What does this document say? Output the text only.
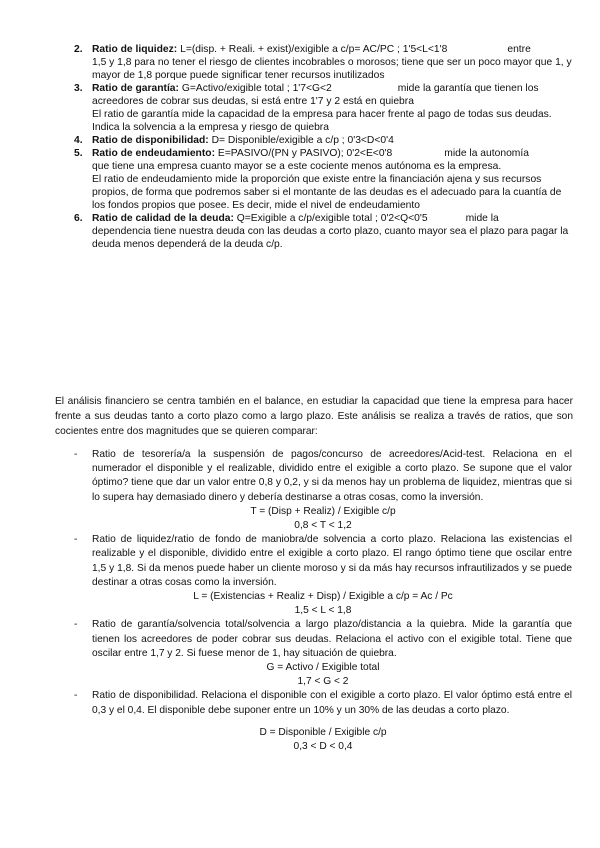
2. Ratio de liquidez: L=(disp. + Reali. + exist)/exigible a c/p= AC/PC ; 1'5<L<1'8	entre
1,5 y 1,8 para no tener el riesgo de clientes incobrables o morosos; tiene que ser un poco mayor que 1, y mayor de 1,8 porque puede significar tener recursos inutilizados
3. Ratio de garantía: G=Activo/exigible total ; 1'7<G<2	mide la garantía que tienen los
acreedores de cobrar sus deudas, si está entre 1'7 y 2 está en quiebra
El ratio de garantía mide la capacidad de la empresa para hacer frente al pago de todas sus deudas. Indica la solvencia a la empresa y riesgo de quiebra
4. Ratio de disponibilidad: D= Disponible/exigible a c/p ; 0'3<D<0'4
5. Ratio de endeudamiento: E=PASIVO/(PN y PASIVO); 0'2<E<0'8	mide la autonomía
que tiene una empresa cuanto mayor se a este cociente menos autónoma es la empresa.
El ratio de endeudamiento mide la proporción que existe entre la financiación ajena y sus recursos propios, de forma que podremos saber si el montante de las deudas es el adecuado para la cuantía de los fondos propios que posee. Es decir, mide el nivel de endeudamiento
6. Ratio de calidad de la deuda: Q=Exigible a c/p/exigible total ; 0'2<Q<0'5	mide la
dependencia tiene nuestra deuda con las deudas a corto plazo, cuanto mayor sea el plazo para pagar la deuda menos dependerá de la deuda c/p.
El análisis financiero se centra también en el balance, en estudiar la capacidad que tiene la empresa para hacer frente a sus deudas tanto a corto plazo como a largo plazo. Este análisis se realiza a través de ratios, que son cocientes entre dos magnitudes que se quieren comparar:
- Ratio de tesorería/a la suspensión de pagos/concurso de acreedores/Acid-test. Relaciona en el numerador el disponible y el realizable, dividido entre el exigible a corto plazo. Se supone que el valor óptimo? tiene que dar un valor entre 0,8 y 0,2, y si da menos hay un problema de liquidez, mientras que si lo supera hay demasiado dinero y debería destinarse a otras cosas, como la inversión.
T = (Disp + Realiz) / Exigible c/p
0,8 < T < 1,2
- Ratio de liquidez/ratio de fondo de maniobra/de solvencia a corto plazo. Relaciona las existencias el realizable y el disponible, dividido entre el exigible a corto plazo. El rango óptimo tiene que oscilar entre 1,5 y 1,8. Si da menos puede haber un cliente moroso y si da más hay recursos infrautilizados y se puede destinar a otras cosas como la inversión.
L = (Existencias + Realiz + Disp) / Exigible a c/p = Ac / Pc
1,5 < L < 1,8
- Ratio de garantía/solvencia total/solvencia a largo plazo/distancia a la quiebra. Mide la garantía que tienen los acreedores de poder cobrar sus deudas. Relaciona el activo con el exigible total. Tiene que oscilar entre 1,7 y 2. Si fuese menor de 1, hay situación de quiebra.
G = Activo / Exigible total
1,7 < G < 2
- Ratio de disponibilidad. Relaciona el disponible con el exigible a corto plazo. El valor óptimo está entre el 0,3 y el 0,4. El disponible debe suponer entre un 10% y un 30% de las deudas a corto plazo.
D = Disponible / Exigible c/p
0,3 < D < 0,4
